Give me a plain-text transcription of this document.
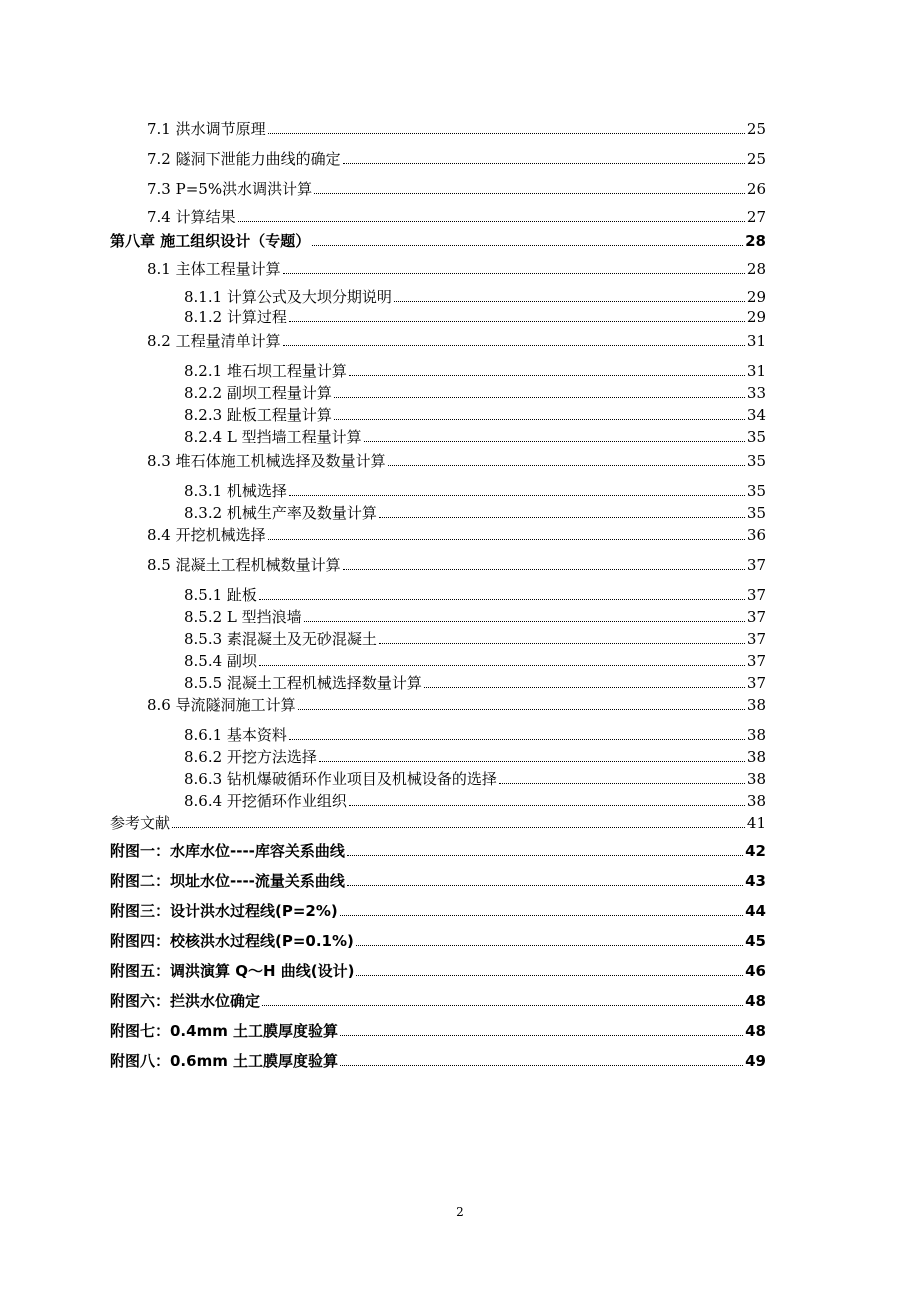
7.1 洪水调节原理	25
7.2 隧洞下泄能力曲线的确定	25
7.3 P=5%洪水调洪计算	26
7.4 计算结果	27
第八章 施工组织设计（专题）	28
8.1 主体工程量计算	28
8.1.1 计算公式及大坝分期说明	29
8.1.2 计算过程	29
8.2 工程量清单计算	31
8.2.1 堆石坝工程量计算	31
8.2.2 副坝工程量计算	33
8.2.3 趾板工程量计算	34
8.2.4 L 型挡墙工程量计算	35
8.3 堆石体施工机械选择及数量计算	35
8.3.1 机械选择	35
8.3.2 机械生产率及数量计算	35
8.4 开挖机械选择	36
8.5 混凝土工程机械数量计算	37
8.5.1 趾板	37
8.5.2 L 型挡浪墙	37
8.5.3 素混凝土及无砂混凝土	37
8.5.4 副坝	37
8.5.5 混凝土工程机械选择数量计算	37
8.6 导流隧洞施工计算	38
8.6.1 基本资料	38
8.6.2 开挖方法选择	38
8.6.3 钻机爆破循环作业项目及机械设备的选择	38
8.6.4 开挖循环作业组织	38
参考文献	41
附图一：水库水位----库容关系曲线	42
附图二：坝址水位----流量关系曲线	43
附图三：设计洪水过程线(P=2%)	44
附图四：校核洪水过程线(P=0.1%)	45
附图五：调洪演算 Q～H 曲线(设计)	46
附图六：拦洪水位确定	48
附图七：0.4mm 土工膜厚度验算	48
附图八：0.6mm 土工膜厚度验算	49
2
